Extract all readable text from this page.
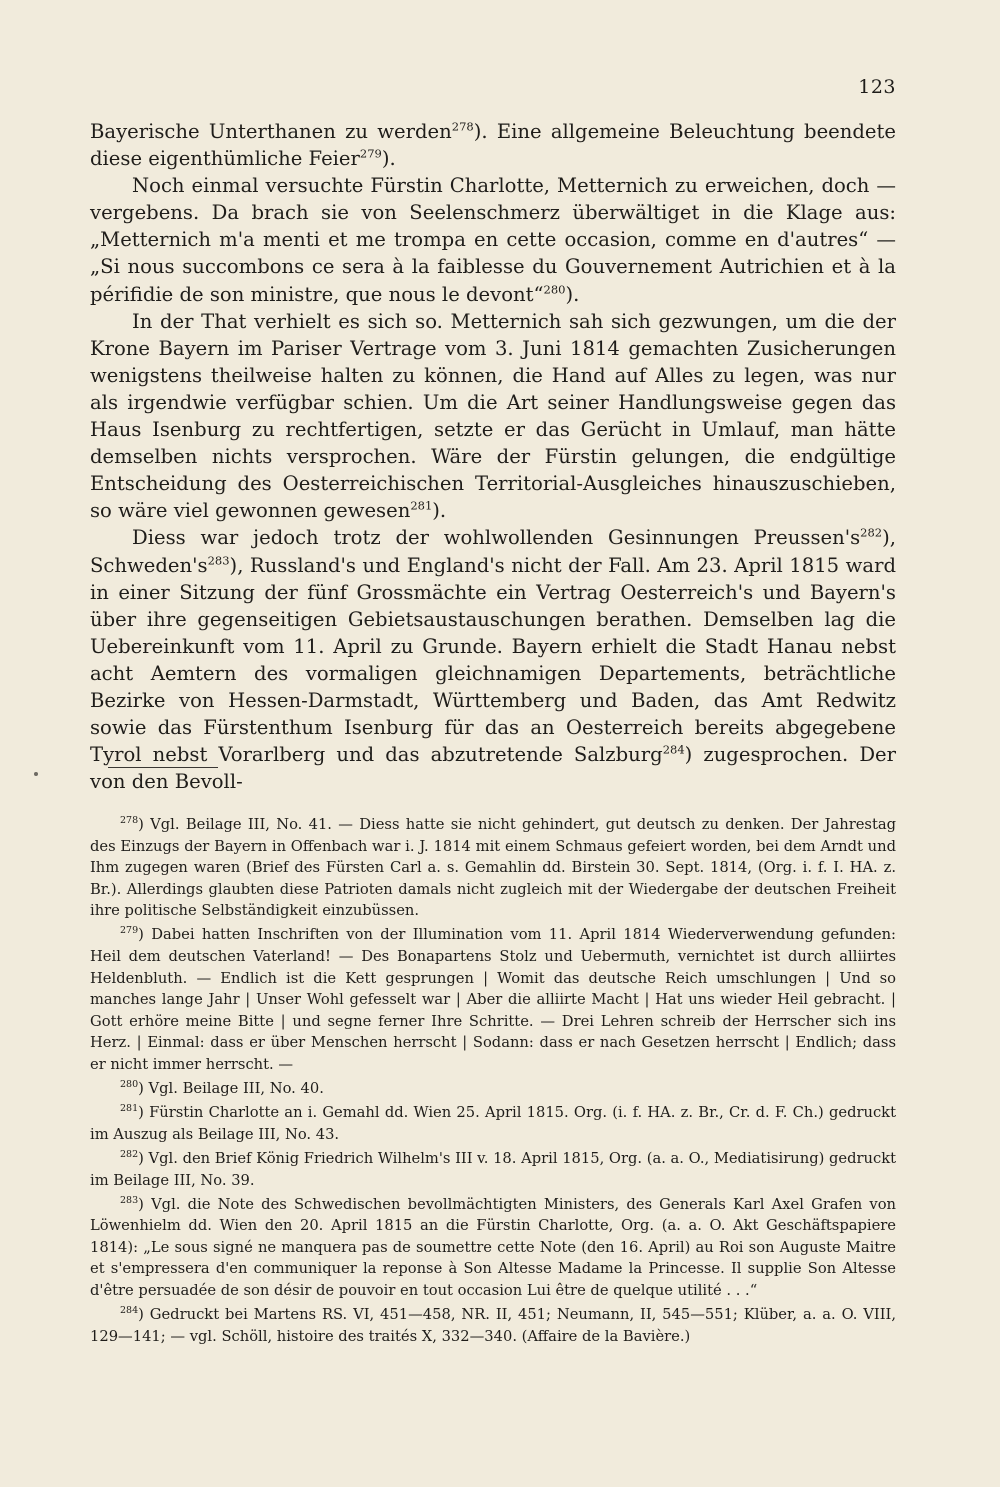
123

Bayerische Unterthanen zu werden$^{278}$). Eine allgemeine Beleuchtung beendete diese eigenthümliche Feier$^{279}$).

Noch einmal versuchte Fürstin Charlotte, Metternich zu erweichen, doch — vergebens. Da brach sie von Seelenschmerz überwältiget in die Klage aus: „Metternich m'a menti et me trompa en cette occasion, comme en d'autres“ — „Si nous succombons ce sera à la faiblesse du Gouvernement Autrichien et à la périfidie de son ministre, que nous le devont“$^{280}$).

In der That verhielt es sich so. Metternich sah sich gezwungen, um die der Krone Bayern im Pariser Vertrage vom 3. Juni 1814 gemachten Zusicherungen wenigstens theilweise halten zu können, die Hand auf Alles zu legen, was nur als irgendwie verfügbar schien. Um die Art seiner Handlungsweise gegen das Haus Isenburg zu rechtfertigen, setzte er das Gerücht in Umlauf, man hätte demselben nichts versprochen. Wäre der Fürstin gelungen, die endgültige Entscheidung des Oesterreichischen Territorial-Ausgleiches hinauszuschieben, so wäre viel gewonnen gewesen$^{281}$).

Diess war jedoch trotz der wohlwollenden Gesinnungen Preussen's$^{282}$), Schweden's$^{283}$), Russland's und England's nicht der Fall. Am 23. April 1815 ward in einer Sitzung der fünf Grossmächte ein Vertrag Oesterreich's und Bayern's über ihre gegenseitigen Gebietsaustauschungen berathen. Demselben lag die Uebereinkunft vom 11. April zu Grunde. Bayern erhielt die Stadt Hanau nebst acht Aemtern des vormaligen gleichnamigen Departements, beträchtliche Bezirke von Hessen-Darmstadt, Württemberg und Baden, das Amt Redwitz sowie das Fürstenthum Isenburg für das an Oesterreich bereits abgegebene Tyrol nebst Vorarlberg und das abzutretende Salzburg$^{284}$) zugesprochen. Der von den Bevoll-

$^{278}$) Vgl. Beilage III, No. 41. — Diess hatte sie nicht gehindert, gut deutsch zu denken. Der Jahrestag des Einzugs der Bayern in Offenbach war i. J. 1814 mit einem Schmaus gefeiert worden, bei dem Arndt und Ihm zugegen waren (Brief des Fürsten Carl a. s. Gemahlin dd. Birstein 30. Sept. 1814, (Org. i. f. I. HA. z. Br.). Allerdings glaubten diese Patrioten damals nicht zugleich mit der Wiedergabe der deutschen Freiheit ihre politische Selbständigkeit einzubüssen.

$^{279}$) Dabei hatten Inschriften von der Illumination vom 11. April 1814 Wiederverwendung gefunden: Heil dem deutschen Vaterland! — Des Bonapartens Stolz und Uebermuth, vernichtet ist durch alliirtes Heldenbluth. — Endlich ist die Kett gesprungen | Womit das deutsche Reich umschlungen | Und so manches lange Jahr | Unser Wohl gefesselt war | Aber die alliirte Macht | Hat uns wieder Heil gebracht. | Gott erhöre meine Bitte | und segne ferner Ihre Schritte. — Drei Lehren schreib der Herrscher sich ins Herz. | Einmal: dass er über Menschen herrscht | Sodann: dass er nach Gesetzen herrscht | Endlich; dass er nicht immer herrscht. —

$^{280}$) Vgl. Beilage III, No. 40.

$^{281}$) Fürstin Charlotte an i. Gemahl dd. Wien 25. April 1815. Org. (i. f. HA. z. Br., Cr. d. F. Ch.) gedruckt im Auszug als Beilage III, No. 43.

$^{282}$) Vgl. den Brief König Friedrich Wilhelm's III v. 18. April 1815, Org. (a. a. O., Mediatisirung) gedruckt im Beilage III, No. 39.

$^{283}$) Vgl. die Note des Schwedischen bevollmächtigten Ministers, des Generals Karl Axel Grafen von Löwenhielm dd. Wien den 20. April 1815 an die Fürstin Charlotte, Org. (a. a. O. Akt Geschäftspapiere 1814): „Le sous signé ne manquera pas de soumettre cette Note (den 16. April) au Roi son Auguste Maitre et s'empressera d'en communiquer la reponse à Son Altesse Madame la Princesse. Il supplie Son Altesse d'être persuadée de son désir de pouvoir en tout occasion Lui être de quelque utilité . . .“

$^{284}$) Gedruckt bei Martens RS. VI, 451—458, NR. II, 451; Neumann, II, 545—551; Klüber, a. a. O. VIII, 129—141; — vgl. Schöll, histoire des traités X, 332—340. (Affaire de la Bavière.)
